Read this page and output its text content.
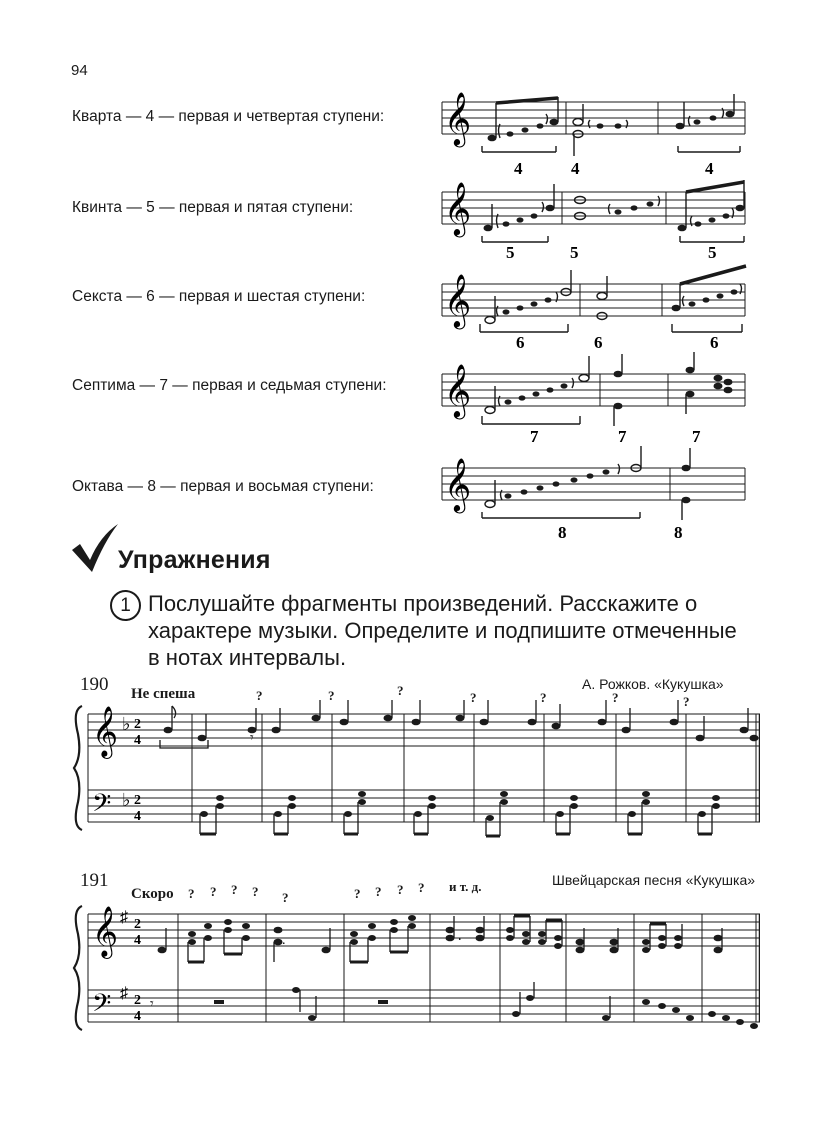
94
Кварта — 4 — первая и четвертая ступени:
Квинта — 5 — первая и пятая ступени:
Секста — 6 — первая и шестая ступени:
Септима — 7 — первая и седьмая ступени:
Октава — 8 — первая и восьмая ступени:
𝄞
4	4	4
𝄞
5	5	5
𝄞
6	6	6
𝄞
7	7	7
𝄞
8	8
Упражнения
1 Послушайте фрагменты произведений. Расскажите о характере музыки. Определите и подпишите отмеченные в нотах интервалы.
190 Не спеша
А. Рожков. «Кукушка»
𝄞
𝄢
♭
♭
2
4
2
4
𝄾
?	?	?	?	?	?	?
191
Скоро
Швейцарская песня «Кукушка»
и т. д.
𝄞
𝄢
♯
♯
2
4
2
4
.	.
𝄾
? ? ? ? ?	? ? ? ?
